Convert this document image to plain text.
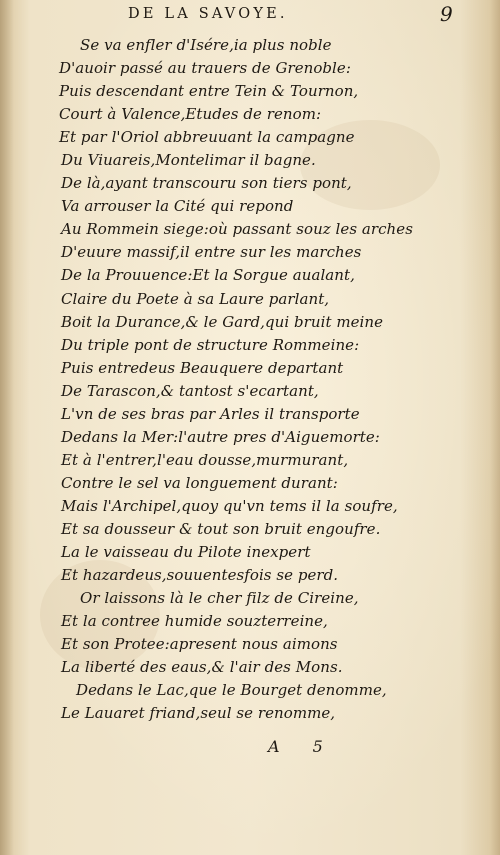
DE LA SAVOYE.	9
Se va enfler d'Isére,ia plus noble
D'auoir passé au trauers de Grenoble:
Puis descendant entre Tein & Tournon,
Court à Valence,Etudes de renom:
Et par l'Oriol abbreuuant la campagne
Du Viuareis,Montelimar il bagne.
De là,ayant transcouru son tiers pont,
Va arrouser la Cité qui repond
Au Rommein siege:où passant souz les arches
D'euure massif,il entre sur les marches
De la Prouuence:Et la Sorgue aualant,
Claire du Poete à sa Laure parlant,
Boit la Durance,& le Gard,qui bruit meine
Du triple pont de structure Rommeine:
Puis entredeus Beauquere departant
De Tarascon,& tantost s'ecartant,
L'vn de ses bras par Arles il transporte
Dedans la Mer:l'autre pres d'Aiguemorte:
Et à l'entrer,l'eau dousse,murmurant,
Contre le sel va longuement durant:
Mais l'Archipel,quoy qu'vn tems il la soufre,
Et sa dousseur & tout son bruit engoufre.
La le vaisseau du Pilote inexpert
Et hazardeus,souuentesfois se perd.
Or laissons là le cher filz de Cireine,
Et la contree humide souzterreine,
Et son Protee:apresent nous aimons
La liberté des eaus,& l'air des Mons.
Dedans le Lac,que le Bourget denomme,
Le Lauaret friand,seul se renomme,
A 5
